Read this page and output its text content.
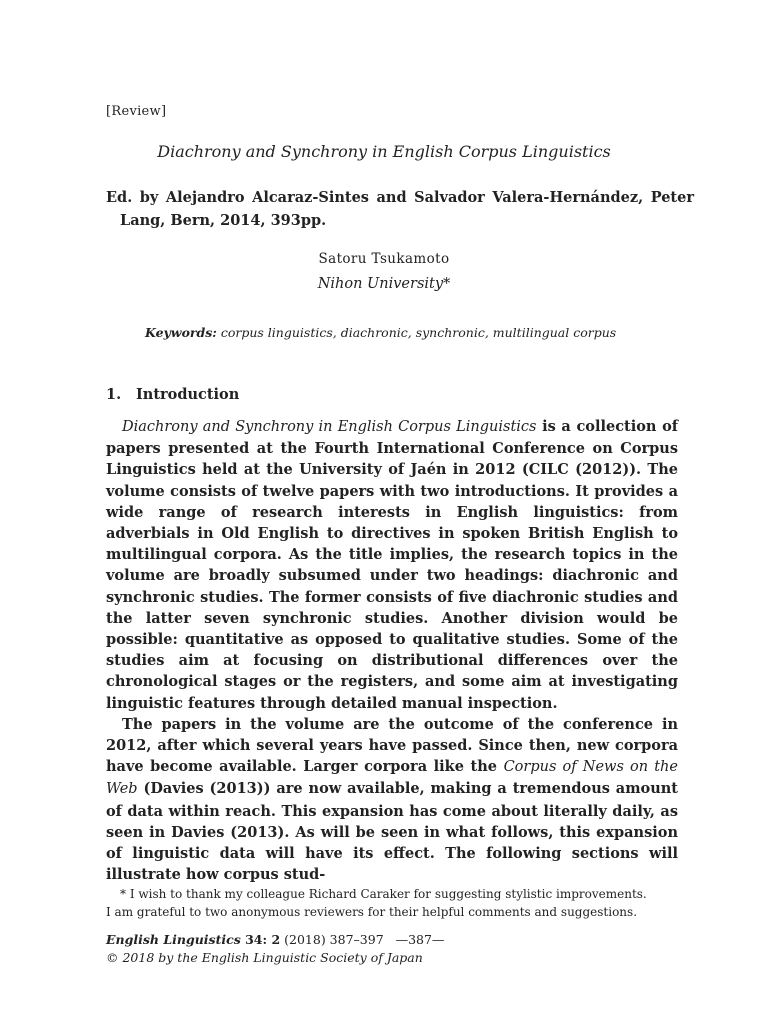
[Review]
Diachrony and Synchrony in English Corpus Linguistics
Ed. by Alejandro Alcaraz-Sintes and Salvador Valera-Hernández, Peter Lang, Bern, 2014, 393pp.
Satoru Tsukamoto
Nihon University*
Keywords: corpus linguistics, diachronic, synchronic, multilingual corpus
1. Introduction

Diachrony and Synchrony in English Corpus Linguistics is a collection of papers presented at the Fourth International Conference on Corpus Linguistics held at the University of Jaén in 2012 (CILC (2012)). The volume consists of twelve papers with two introductions. It provides a wide range of research interests in English linguistics: from adverbials in Old English to directives in spoken British English to multilingual corpora. As the title implies, the research topics in the volume are broadly subsumed under two headings: diachronic and synchronic studies. The former consists of five diachronic studies and the latter seven synchronic studies. Another division would be possible: quantitative as opposed to qualitative studies. Some of the studies aim at focusing on distributional differences over the chronological stages or the registers, and some aim at investigating linguistic features through detailed manual inspection.

The papers in the volume are the outcome of the conference in 2012, after which several years have passed. Since then, new corpora have become available. Larger corpora like the Corpus of News on the Web (Davies (2013)) are now available, making a tremendous amount of data within reach. This expansion has come about literally daily, as seen in Davies (2013). As will be seen in what follows, this expansion of linguistic data will have its effect. The following sections will illustrate how corpus stud-

* I wish to thank my colleague Richard Caraker for suggesting stylistic improvements.

I am grateful to two anonymous reviewers for their helpful comments and suggestions.

English Linguistics 34: 2 (2018) 387–397 —387—
© 2018 by the English Linguistic Society of Japan
